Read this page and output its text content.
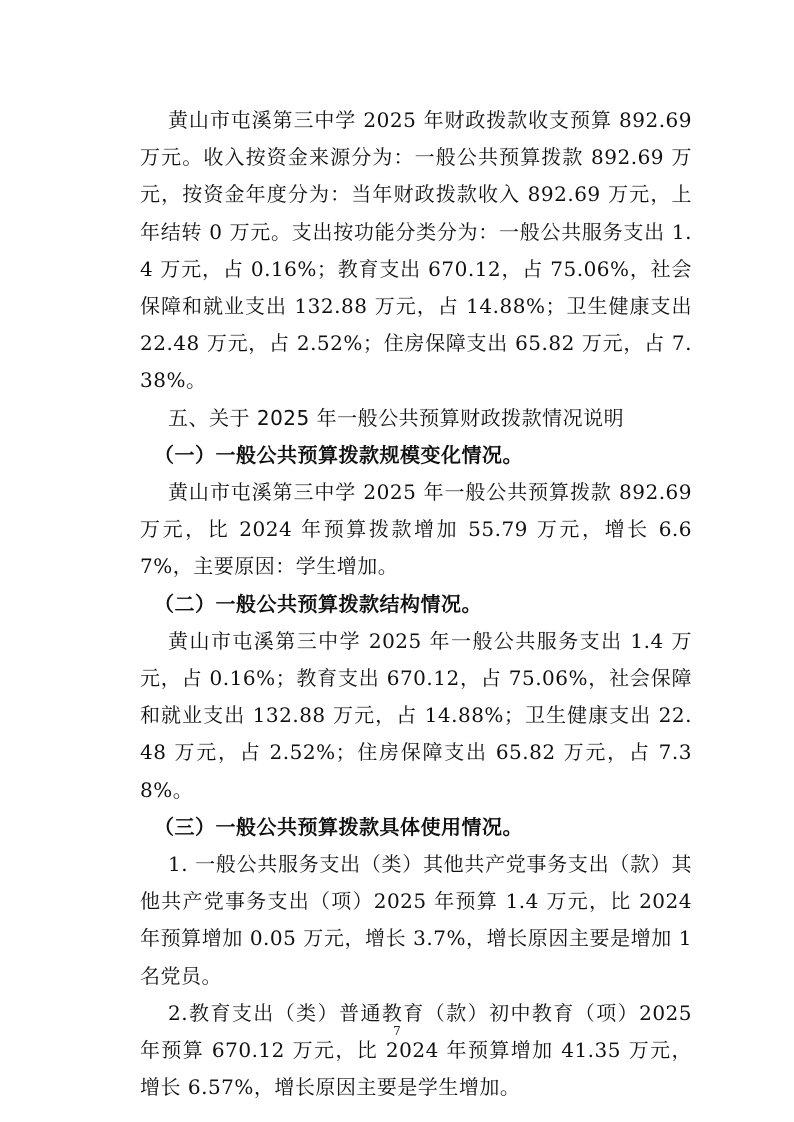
黄山市屯溪第三中学 2025 年财政拨款收支预算 892.69 万元。收入按资金来源分为：一般公共预算拨款 892.69 万元，按资金年度分为：当年财政拨款收入 892.69 万元，上年结转 0 万元。支出按功能分类分为：一般公共服务支出 1.4 万元，占 0.16%；教育支出 670.12，占 75.06%，社会保障和就业支出 132.88 万元，占 14.88%；卫生健康支出 22.48 万元，占 2.52%；住房保障支出 65.82 万元，占 7.38%。

五、关于 2025 年一般公共预算财政拨款情况说明
（一）一般公共预算拨款规模变化情况。

黄山市屯溪第三中学 2025 年一般公共预算拨款 892.69 万元，比 2024 年预算拨款增加 55.79 万元，增长 6.67%，主要原因：学生增加。

（二）一般公共预算拨款结构情况。

黄山市屯溪第三中学 2025 年一般公共服务支出 1.4 万元，占 0.16%；教育支出 670.12，占 75.06%，社会保障和就业支出 132.88 万元，占 14.88%；卫生健康支出 22.48 万元，占 2.52%；住房保障支出 65.82 万元，占 7.38%。

（三）一般公共预算拨款具体使用情况。

1. 一般公共服务支出（类）其他共产党事务支出（款）其他共产党事务支出（项）2025 年预算 1.4 万元，比 2024 年预算增加 0.05 万元，增长 3.7%，增长原因主要是增加 1 名党员。

2.教育支出（类）普通教育（款）初中教育（项）2025 年预算 670.12 万元，比 2024 年预算增加 41.35 万元，增长 6.57%，增长原因主要是学生增加。

7
